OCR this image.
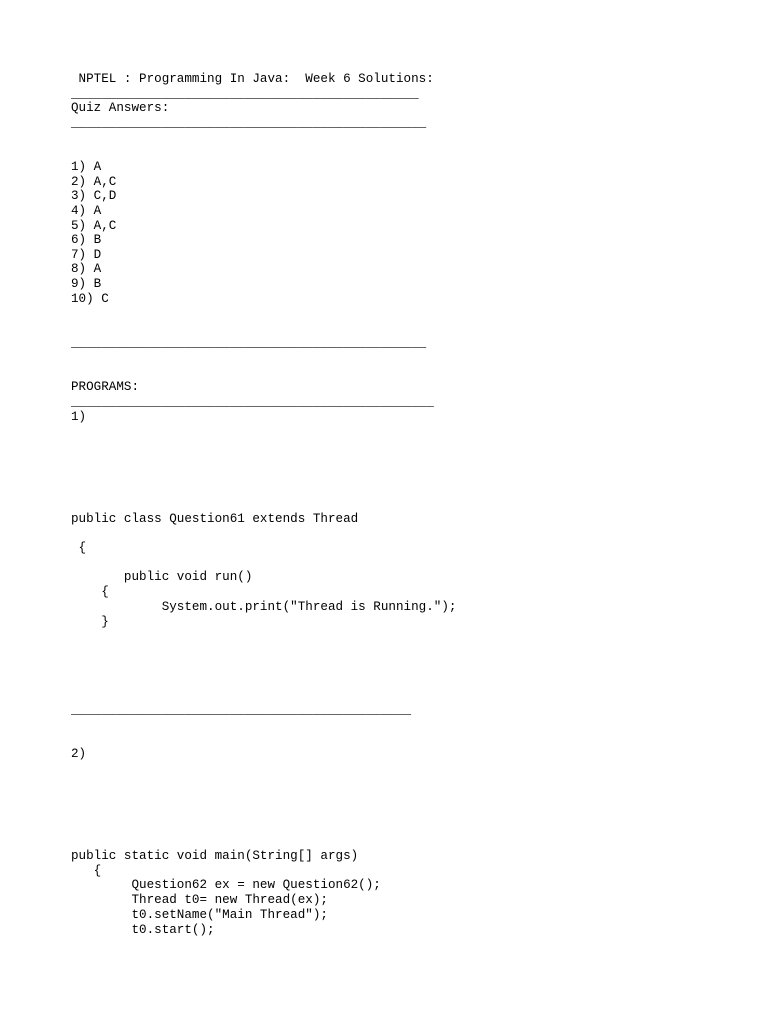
NPTEL : Programming In Java:  Week 6 Solutions:

______________________________________________

Quiz Answers:

_______________________________________________

1) A

2) A,C

3) C,D

4) A

5) A,C

6) B

7) D

8) A

9) B

10) C

_______________________________________________

PROGRAMS:

________________________________________________

1)

public class Question61 extends Thread

{

public void run()

{

System.out.print("Thread is Running.");

}

_____________________________________________

2)

public static void main(String[] args)

{

Question62 ex = new Question62();

Thread t0= new Thread(ex);

t0.setName("Main Thread");

t0.start();
